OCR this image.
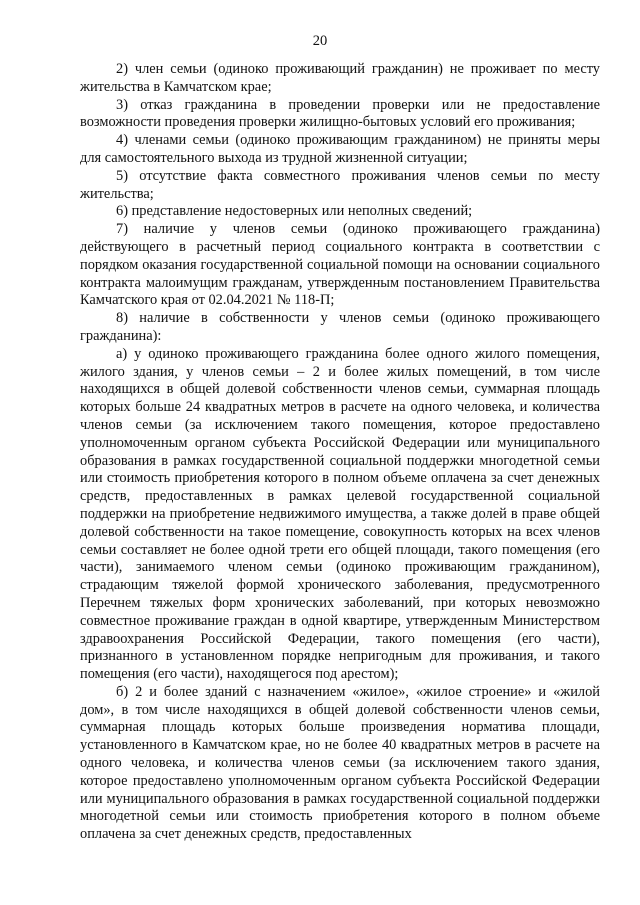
20

2) член семьи (одиноко проживающий гражданин) не проживает по месту жительства в Камчатском крае;

3) отказ гражданина в проведении проверки или не предоставление возможности проведения проверки жилищно-бытовых условий его проживания;

4) членами семьи (одиноко проживающим гражданином) не приняты меры для самостоятельного выхода из трудной жизненной ситуации;

5) отсутствие факта совместного проживания членов семьи по месту жительства;

6) представление недостоверных или неполных сведений;

7) наличие у членов семьи (одиноко проживающего гражданина) действующего в расчетный период социального контракта в соответствии с порядком оказания государственной социальной помощи на основании социального контракта малоимущим гражданам, утвержденным постановлением Правительства Камчатского края от 02.04.2021 № 118-П;

8) наличие в собственности у членов семьи (одиноко проживающего гражданина):

а) у одиноко проживающего гражданина более одного жилого помещения, жилого здания, у членов семьи – 2 и более жилых помещений, в том числе находящихся в общей долевой собственности членов семьи, суммарная площадь которых больше 24 квадратных метров в расчете на одного человека, и количества членов семьи (за исключением такого помещения, которое предоставлено уполномоченным органом субъекта Российской Федерации или муниципального образования в рамках государственной социальной поддержки многодетной семьи или стоимость приобретения которого в полном объеме оплачена за счет денежных средств, предоставленных в рамках целевой государственной социальной поддержки на приобретение недвижимого имущества, а также долей в праве общей долевой собственности на такое помещение, совокупность которых на всех членов семьи составляет не более одной трети его общей площади, такого помещения (его части), занимаемого членом семьи (одиноко проживающим гражданином), страдающим тяжелой формой хронического заболевания, предусмотренного Перечнем тяжелых форм хронических заболеваний, при которых невозможно совместное проживание граждан в одной квартире, утвержденным Министерством здравоохранения Российской Федерации, такого помещения (его части), признанного в установленном порядке непригодным для проживания, и такого помещения (его части), находящегося под арестом);

б) 2 и более зданий с назначением «жилое», «жилое строение» и «жилой дом», в том числе находящихся в общей долевой собственности членов семьи, суммарная площадь которых больше произведения норматива площади, установленного в Камчатском крае, но не более 40 квадратных метров в расчете на одного человека, и количества членов семьи (за исключением такого здания, которое предоставлено уполномоченным органом субъекта Российской Федерации или муниципального образования в рамках государственной социальной поддержки многодетной семьи или стоимость приобретения которого в полном объеме оплачена за счет денежных средств, предоставленных
